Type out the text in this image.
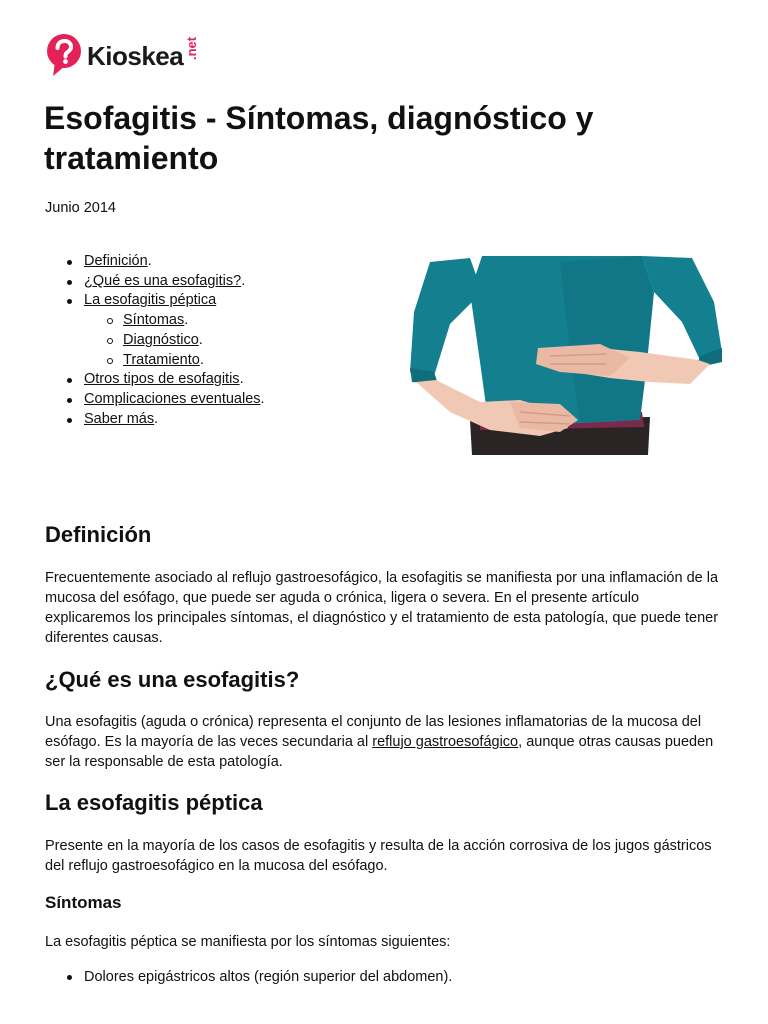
Kioskea .net
Esofagitis - Síntomas, diagnóstico y tratamiento

Junio 2014

Definición.
¿Qué es una esofagitis?.
La esofagitis péptica
Síntomas.
Diagnóstico.
Tratamiento.
Otros tipos de esofagitis.
Complicaciones eventuales.
Saber más.
Definición

Frecuentemente asociado al reflujo gastroesofágico, la esofagitis se manifiesta por una inflamación de la mucosa del esófago, que puede ser aguda o crónica, ligera o severa. En el presente artículo explicaremos los principales síntomas, el diagnóstico y el tratamiento de esta patología, que puede tener diferentes causas.

¿Qué es una esofagitis?

Una esofagitis (aguda o crónica) representa el conjunto de las lesiones inflamatorias de la mucosa del esófago. Es la mayoría de las veces secundaria al reflujo gastroesofágico, aunque otras causas pueden ser la responsable de esta patología.

La esofagitis péptica

Presente en la mayoría de los casos de esofagitis y resulta de la acción corrosiva de los jugos gástricos del reflujo gastroesofágico en la mucosa del esófago.

Síntomas

La esofagitis péptica se manifiesta por los síntomas siguientes:

Dolores epigástricos altos (región superior del abdomen).
